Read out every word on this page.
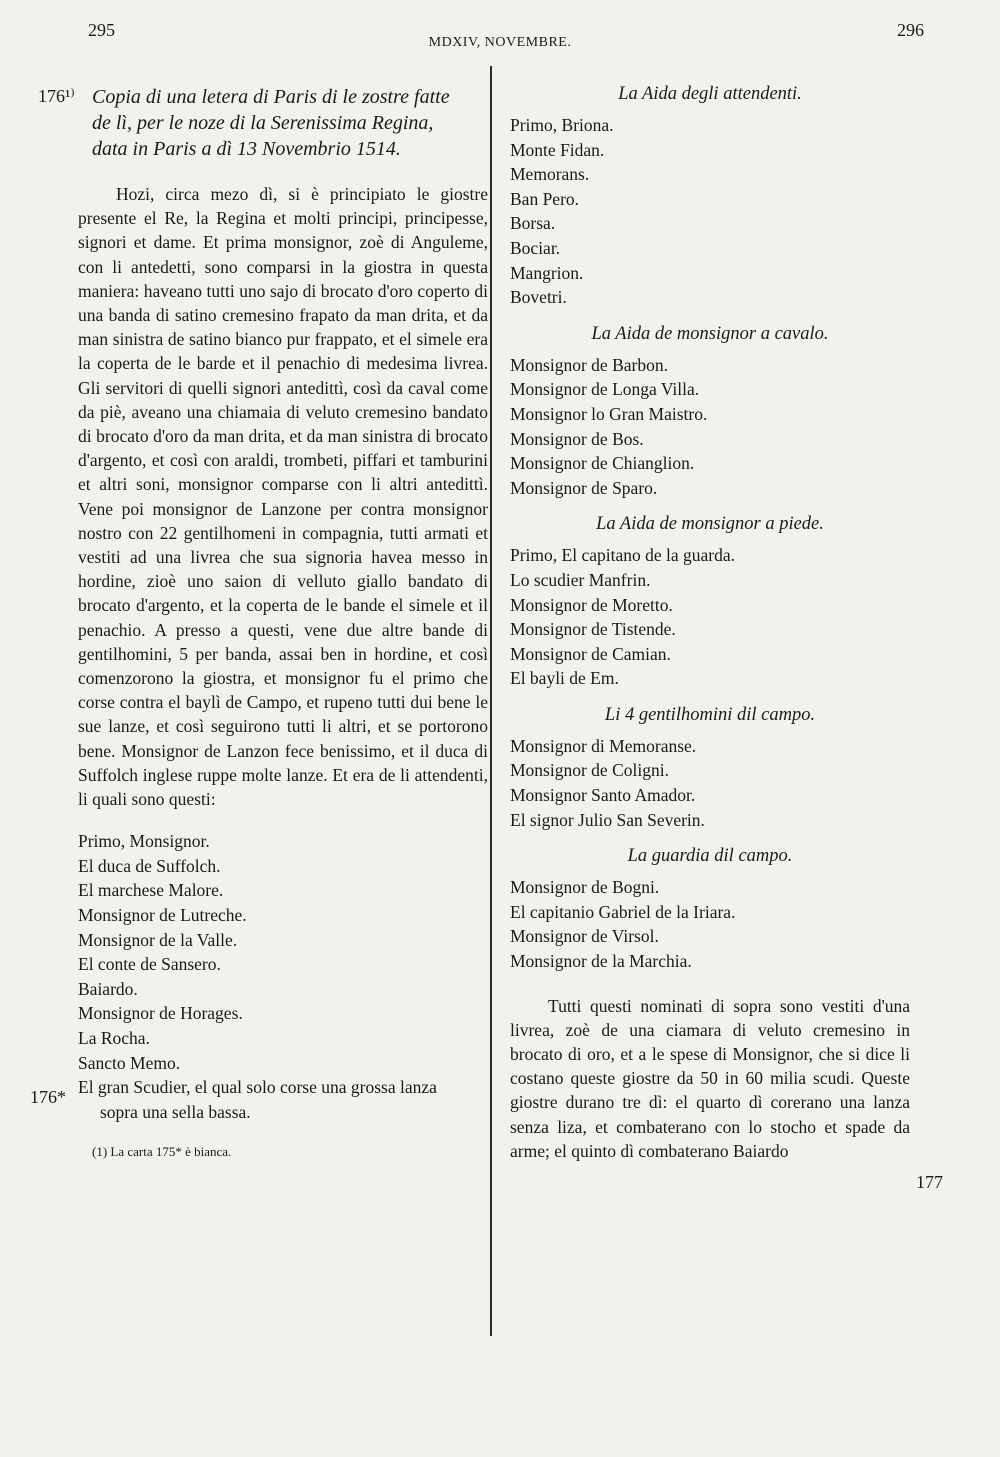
295
MDXIV, NOVEMBRE.
296
176¹⁾
176*
177
Copia di una letera di Paris di le zostre fatte
de lì, per le noze di la Serenissima Regina,
data in Paris a dì 13 Novembrio 1514.

Hozi, circa mezo dì, si è principiato le giostre presente el Re, la Regina et molti principi, principesse, signori et dame. Et prima monsignor, zoè di Anguleme, con li antedetti, sono comparsi in la giostra in questa maniera: haveano tutti uno sajo di brocato d'oro coperto di una banda di satino cremesino frapato da man drita, et da man sinistra de satino bianco pur frappato, et el simele era la coperta de le barde et il penachio di medesima livrea. Gli servitori di quelli signori antedittì, così da caval come da piè, aveano una chiamaia di veluto cremesino bandato di brocato d'oro da man drita, et da man sinistra di brocato d'argento, et così con araldi, trombeti, piffari et tamburini et altri soni, monsignor comparse con li altri antedittì. Vene poi monsignor de Lanzone per contra monsignor nostro con 22 gentilhomeni in compagnia, tutti armati et vestiti ad una livrea che sua signoria havea messo in hordine, zioè uno saion di velluto giallo bandato di brocato d'argento, et la coperta de le bande el simele et il penachio. A presso a questi, vene due altre bande di gentilhomini, 5 per banda, assai ben in hordine, et così comenzorono la giostra, et monsignor fu el primo che corse contra el baylì de Campo, et rupeno tutti dui bene le sue lanze, et così seguirono tutti li altri, et se portorono bene. Monsignor de Lanzon fece benissimo, et il duca di Suffolch inglese ruppe molte lanze. Et era de li attendenti, li quali sono questi:

Primo, Monsignor.
El duca de Suffolch.
El marchese Malore.
Monsignor de Lutreche.
Monsignor de la Valle.
El conte de Sansero.
Baiardo.
Monsignor de Horages.
La Rocha.
Sancto Memo.
El gran Scudier, el qual solo corse una grossa lanza
sopra una sella bassa.
(1) La carta 175* è bianca.
La Aida degli attendenti.
Primo, Briona.
Monte Fidan.
Memorans.
Ban Pero.
Borsa.
Bociar.
Mangrion.
Bovetri.
La Aida de monsignor a cavalo.
Monsignor de Barbon.
Monsignor de Longa Villa.
Monsignor lo Gran Maistro.
Monsignor de Bos.
Monsignor de Chianglion.
Monsignor de Sparo.
La Aida de monsignor a piede.
Primo, El capitano de la guarda.
Lo scudier Manfrin.
Monsignor de Moretto.
Monsignor de Tistende.
Monsignor de Camian.
El bayli de Em.
Li 4 gentilhomini dil campo.
Monsignor di Memoranse.
Monsignor de Coligni.
Monsignor Santo Amador.
El signor Julio San Severin.
La guardia dil campo.
Monsignor de Bogni.
El capitanio Gabriel de la Iriara.
Monsignor de Virsol.
Monsignor de la Marchia.

Tutti questi nominati di sopra sono vestiti d'una livrea, zoè de una ciamara di veluto cremesino in brocato di oro, et a le spese di Monsignor, che si dice li costano queste giostre da 50 in 60 milia scudi. Queste giostre durano tre dì: el quarto dì corerano una lanza senza liza, et combaterano con lo stocho et spade da arme; el quinto dì combaterano Baiardo
